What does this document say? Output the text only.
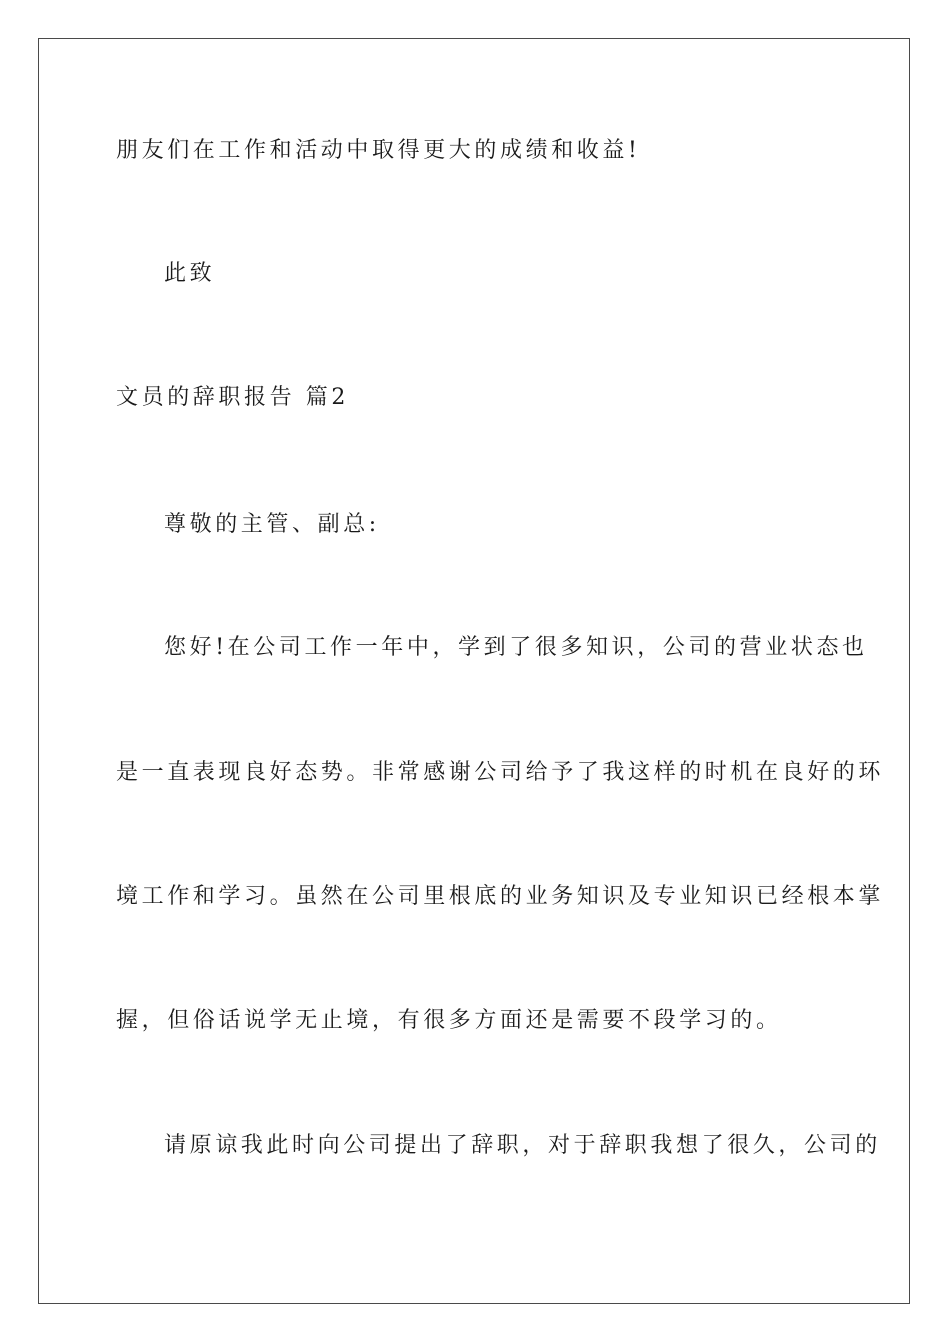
朋友们在工作和活动中取得更大的成绩和收益!
此致
文员的辞职报告 篇2
尊敬的主管、副总:
您好!在公司工作一年中，学到了很多知识，公司的营业状态也
是一直表现良好态势。非常感谢公司给予了我这样的时机在良好的环
境工作和学习。虽然在公司里根底的业务知识及专业知识已经根本掌
握，但俗话说学无止境，有很多方面还是需要不段学习的。
请原谅我此时向公司提出了辞职，对于辞职我想了很久，公司的
